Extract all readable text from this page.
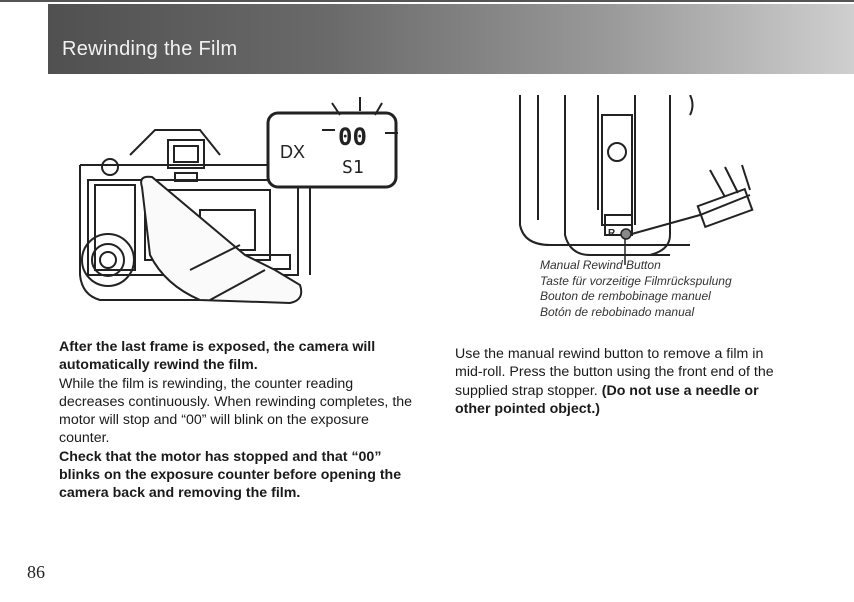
Rewinding the Film
DX
00
S1
R
Manual Rewind Button
Taste für vorzeitige Filmrückspulung
Bouton de rembobinage manuel
Botón de rebobinado manual

After the last frame is exposed, the camera will automatically rewind the film.

While the film is rewinding, the counter reading decreases continuously. When rewinding completes, the motor will stop and “00” will blink on the exposure counter.

Check that the motor has stopped and that “00” blinks on the exposure counter before opening the camera back and removing the film.

Use the manual rewind button to remove a film in mid-roll. Press the button using the front end of the supplied strap stopper. (Do not use a needle or other pointed object.)
86
